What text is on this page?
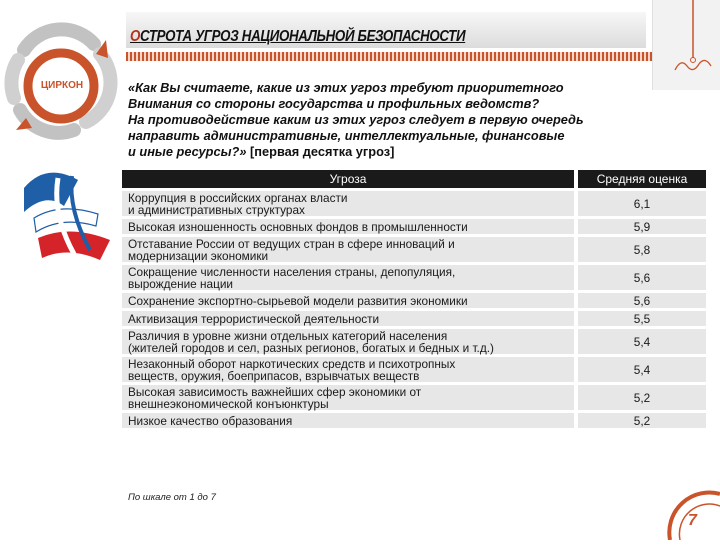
ОСТРОТА УГРОЗ НАЦИОНАЛЬНОЙ БЕЗОПАСНОСТИ
ЦИРКОН	«Как Вы считаете, какие из этих угроз требуют приоритетного
Внимания со стороны государства и профильных ведомств?
На противодействие каким из этих угроз следует в первую очередь
направить административные, интеллектуальные, финансовые
и иные ресурсы?» [первая десятка угроз]
Угроза	Средняя оценка

Коррупция в российских органах власти
и административных структурах	6,1

Высокая изношенность основных фондов в промышленности	5,9

Отставание России от ведущих стран в сфере инноваций и
модернизации экономики	5,8

Сокращение численности населения страны, депопуляция,
вырождение нации	5,6

Сохранение экспортно-сырьевой модели развития экономики	5,6

Активизация террористической деятельности	5,5

Различия в уровне жизни отдельных категорий населения
(жителей городов и сел, разных регионов, богатых и бедных и т.д.)	5,4

Незаконный оборот наркотических средств и психотропных
веществ, оружия, боеприпасов, взрывчатых веществ	5,4

Высокая зависимость важнейших сфер экономики от
внешнеэкономической конъюнктуры	5,2

Низкое качество образования	5,2
По шкале от 1 до 7
7
